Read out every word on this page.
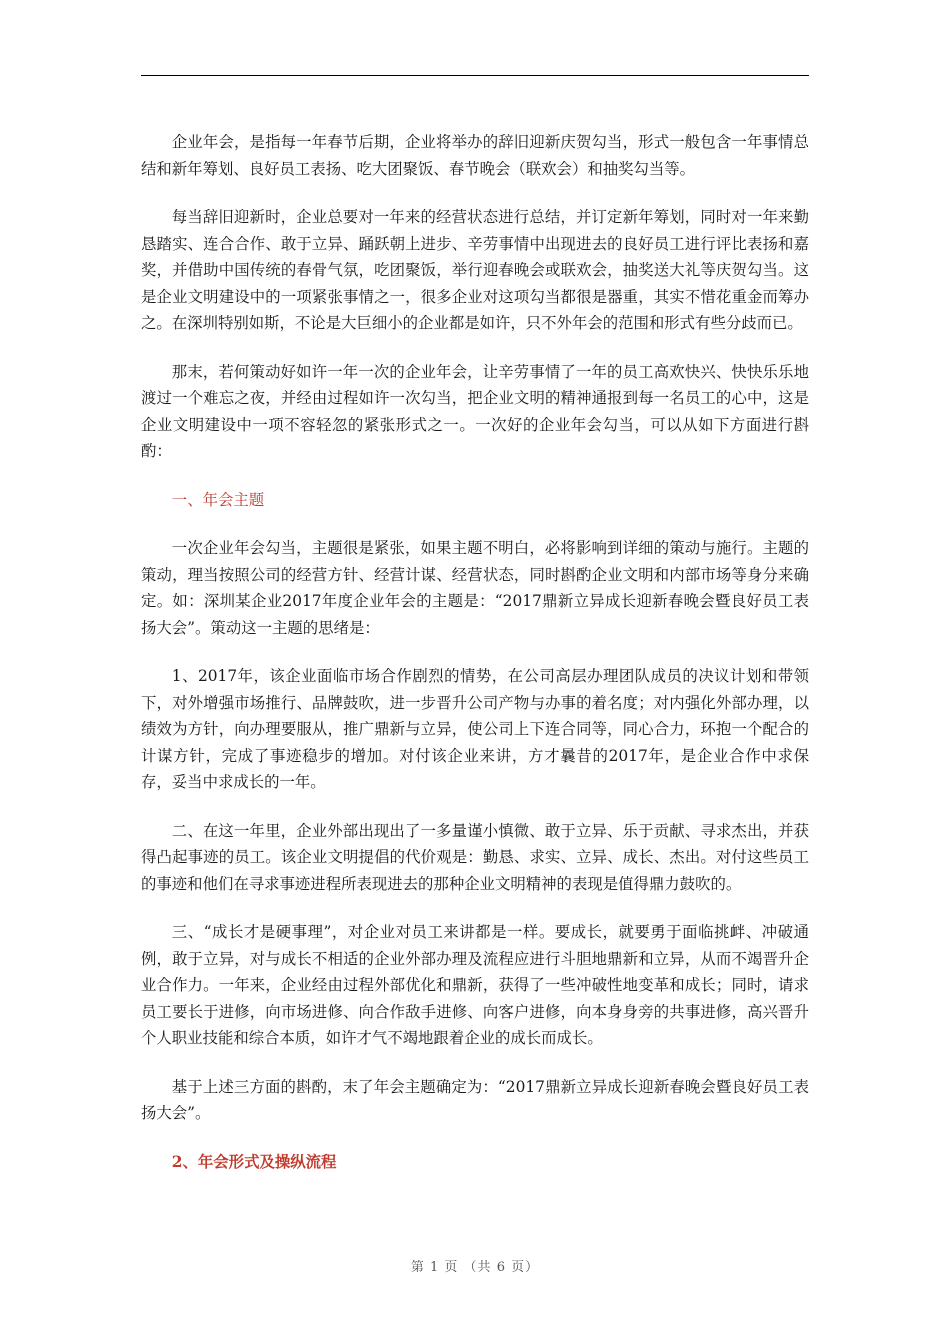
企业年会，是指每一年春节后期，企业将举办的辞旧迎新庆贺勾当，形式一般包含一年事情总结和新年筹划、良好员工表扬、吃大团聚饭、春节晚会（联欢会）和抽奖勾当等。

每当辞旧迎新时，企业总要对一年来的经营状态进行总结，并订定新年筹划，同时对一年来勤恳踏实、连合合作、敢于立异、踊跃朝上进步、辛劳事情中出现进去的良好员工进行评比表扬和嘉奖，并借助中国传统的春骨气氛，吃团聚饭，举行迎春晚会或联欢会，抽奖送大礼等庆贺勾当。这是企业文明建设中的一项紧张事情之一，很多企业对这项勾当都很是器重，其实不惜花重金而筹办之。在深圳特别如斯，不论是大巨细小的企业都是如许，只不外年会的范围和形式有些分歧而已。

那末，若何策动好如许一年一次的企业年会，让辛劳事情了一年的员工高欢快兴、快快乐乐地渡过一个难忘之夜，并经由过程如许一次勾当，把企业文明的精神通报到每一名员工的心中，这是企业文明建设中一项不容轻忽的紧张形式之一。一次好的企业年会勾当，可以从如下方面进行斟酌：

一、年会主题

一次企业年会勾当，主题很是紧张，如果主题不明白，必将影响到详细的策动与施行。主题的策动，理当按照公司的经营方针、经营计谋、经营状态，同时斟酌企业文明和内部市场等身分来确定。如：深圳某企业2017年度企业年会的主题是：“2017鼎新立异成长迎新春晚会暨良好员工表扬大会”。策动这一主题的思绪是：

1、2017年，该企业面临市场合作剧烈的情势，在公司高层办理团队成员的决议计划和带领下，对外增强市场推行、品牌鼓吹，进一步晋升公司产物与办事的着名度；对内强化外部办理，以绩效为方针，向办理要服从，推广鼎新与立异，使公司上下连合同等，同心合力，环抱一个配合的计谋方针，完成了事迹稳步的增加。对付该企业来讲，方才曩昔的2017年，是企业合作中求保存，妥当中求成长的一年。

二、在这一年里，企业外部出现出了一多量谨小慎微、敢于立异、乐于贡献、寻求杰出，并获得凸起事迹的员工。该企业文明提倡的代价观是：勤恳、求实、立异、成长、杰出。对付这些员工的事迹和他们在寻求事迹进程所表现进去的那种企业文明精神的表现是值得鼎力鼓吹的。

三、“成长才是硬事理”，对企业对员工来讲都是一样。要成长，就要勇于面临挑衅、冲破通例，敢于立异，对与成长不相适的企业外部办理及流程应进行斗胆地鼎新和立异，从而不竭晋升企业合作力。一年来，企业经由过程外部优化和鼎新，获得了一些冲破性地变革和成长；同时，请求员工要长于进修，向市场进修、向合作敌手进修、向客户进修，向本身身旁的共事进修，高兴晋升个人职业技能和综合本质，如许才气不竭地跟着企业的成长而成长。

基于上述三方面的斟酌，末了年会主题确定为：“2017鼎新立异成长迎新春晚会暨良好员工表扬大会”。

2、年会形式及操纵流程

第 1 页 （共 6 页）
